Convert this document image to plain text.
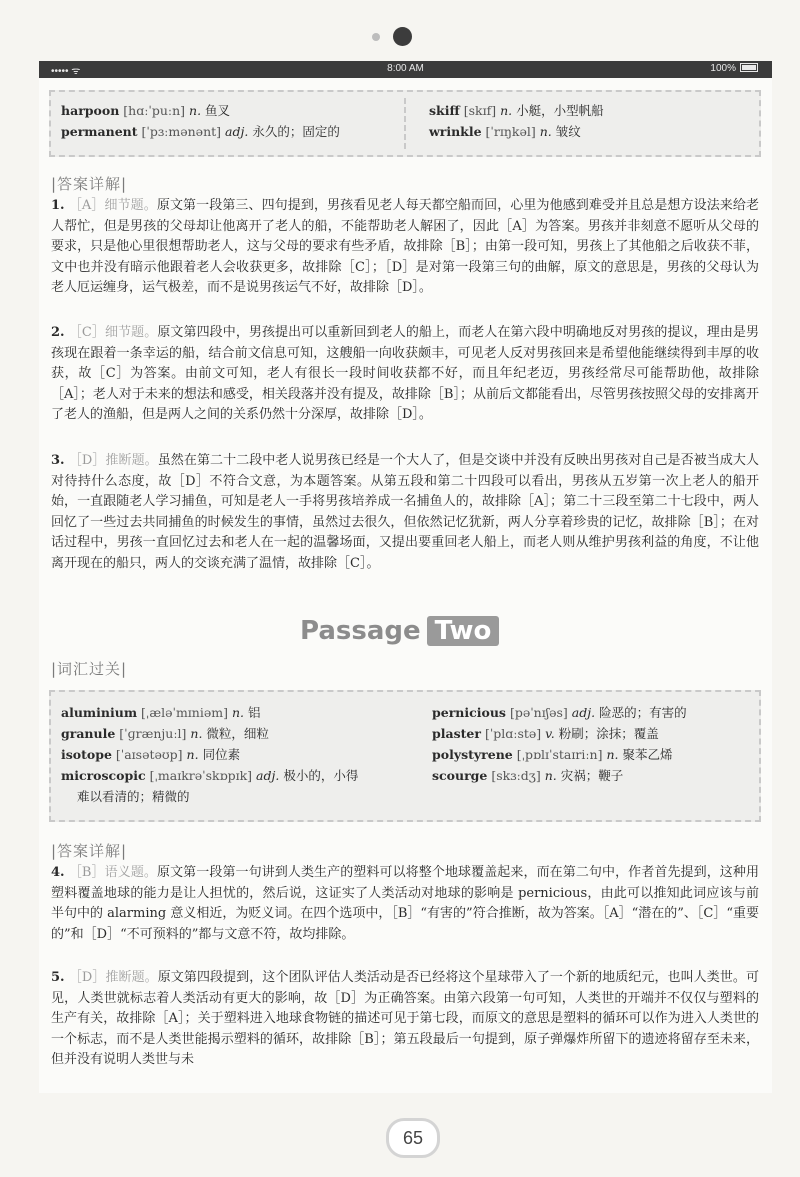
••••• ᯤ	8:00 AM	100%
harpoon [hɑːˈpuːn] n. 鱼叉
permanent [ˈpɜːmənənt] adj. 永久的；固定的
skiff [skɪf] n. 小艇，小型帆船
wrinkle [ˈrɪŋkəl] n. 皱纹
|答案详解|
1. ［A］细节题。原文第一段第三、四句提到，男孩看见老人每天都空船而回，心里为他感到难受并且总是想方设法来给老人帮忙，但是男孩的父母却让他离开了老人的船，不能帮助老人解困了，因此［A］为答案。男孩并非刻意不愿听从父母的要求，只是他心里很想帮助老人，这与父母的要求有些矛盾，故排除［B］；由第一段可知，男孩上了其他船之后收获不菲，文中也并没有暗示他跟着老人会收获更多，故排除［C］；［D］是对第一段第三句的曲解，原文的意思是，男孩的父母认为老人厄运缠身，运气极差，而不是说男孩运气不好，故排除［D］。
2. ［C］细节题。原文第四段中，男孩提出可以重新回到老人的船上，而老人在第六段中明确地反对男孩的提议，理由是男孩现在跟着一条幸运的船，结合前文信息可知，这艘船一向收获颇丰，可见老人反对男孩回来是希望他能继续得到丰厚的收获，故［C］为答案。由前文可知，老人有很长一段时间收获都不好，而且年纪老迈，男孩经常尽可能帮助他，故排除［A］；老人对于未来的想法和感受，相关段落并没有提及，故排除［B］；从前后文都能看出，尽管男孩按照父母的安排离开了老人的渔船，但是两人之间的关系仍然十分深厚，故排除［D］。
3. ［D］推断题。虽然在第二十二段中老人说男孩已经是一个大人了，但是交谈中并没有反映出男孩对自己是否被当成大人对待持什么态度，故［D］不符合文意，为本题答案。从第五段和第二十四段可以看出，男孩从五岁第一次上老人的船开始，一直跟随老人学习捕鱼，可知是老人一手将男孩培养成一名捕鱼人的，故排除［A］；第二十三段至第二十七段中，两人回忆了一些过去共同捕鱼的时候发生的事情，虽然过去很久，但依然记忆犹新，两人分享着珍贵的记忆，故排除［B］；在对话过程中，男孩一直回忆过去和老人在一起的温馨场面，又提出要重回老人船上，而老人则从维护男孩利益的角度，不让他离开现在的船只，两人的交谈充满了温情，故排除［C］。
Passage Two
|词汇过关|
aluminium [ˌæləˈmɪniəm] n. 铝
granule [ˈɡrænjuːl] n. 微粒，细粒
isotope [ˈaɪsətəʊp] n. 同位素
microscopic [ˌmaɪkrəˈskɒpɪk] adj. 极小的，小得
难以看清的；精微的
pernicious [pəˈnɪʃəs] adj. 险恶的；有害的
plaster [ˈplɑːstə] v. 粉刷；涂抹；覆盖
polystyrene [ˌpɒlɪˈstaɪriːn] n. 聚苯乙烯
scourge [skɜːdʒ] n. 灾祸；鞭子
|答案详解|
4. ［B］语义题。原文第一段第一句讲到人类生产的塑料可以将整个地球覆盖起来，而在第二句中，作者首先提到，这种用塑料覆盖地球的能力是让人担忧的，然后说，这证实了人类活动对地球的影响是 pernicious，由此可以推知此词应该与前半句中的 alarming 意义相近，为贬义词。在四个选项中，［B］“有害的”符合推断，故为答案。［A］“潜在的”、［C］“重要的”和［D］“不可预料的”都与文意不符，故均排除。
5. ［D］推断题。原文第四段提到，这个团队评估人类活动是否已经将这个星球带入了一个新的地质纪元，也叫人类世。可见，人类世就标志着人类活动有更大的影响，故［D］为正确答案。由第六段第一句可知，人类世的开端并不仅仅与塑料的生产有关，故排除［A］；关于塑料进入地球食物链的描述可见于第七段，而原文的意思是塑料的循环可以作为进入人类世的一个标志，而不是人类世能揭示塑料的循环，故排除［B］；第五段最后一句提到，原子弹爆炸所留下的遗迹将留存至未来，但并没有说明人类世与未
65
